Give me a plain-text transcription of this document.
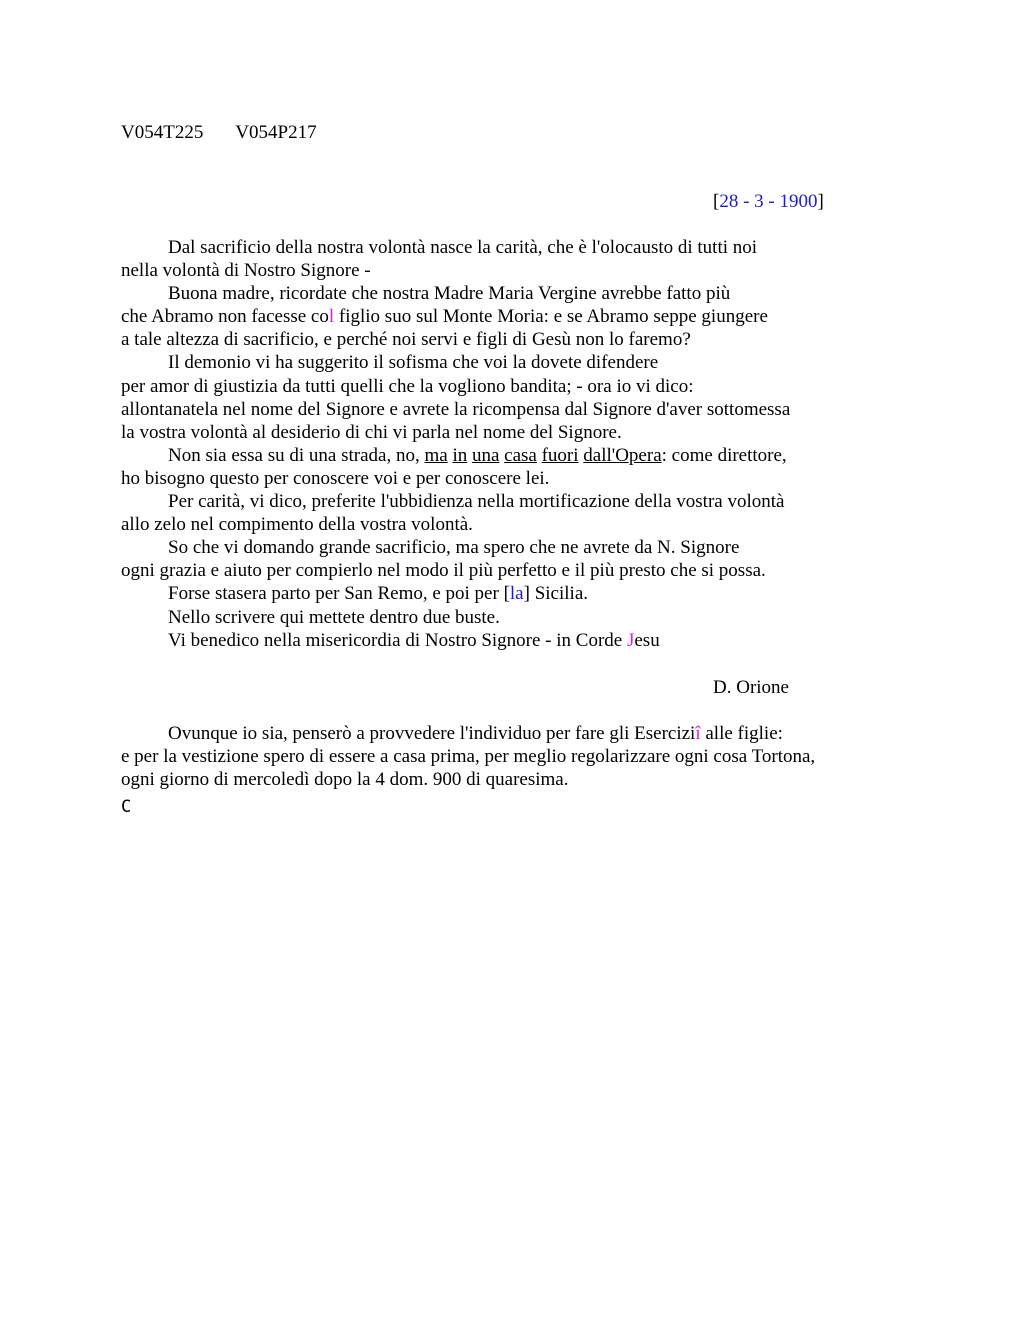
V054T225 V054P217
[28 - 3 - 1900]
Dal sacrificio della nostra volontà nasce la carità, che è l'olocausto di tutti noi
nella volontà di Nostro Signore -
Buona madre, ricordate che nostra Madre Maria Vergine avrebbe fatto più
che Abramo non facesse col figlio suo sul Monte Moria: e se Abramo seppe giungere
a tale altezza di sacrificio, e perché noi servi e figli di Gesù non lo faremo?
Il demonio vi ha suggerito il sofisma che voi la dovete difendere
per amor di giustizia da tutti quelli che la vogliono bandita; - ora io vi dico:
allontanatela nel nome del Signore e avrete la ricompensa dal Signore d'aver sottomessa
la vostra volontà al desiderio di chi vi parla nel nome del Signore.
Non sia essa su di una strada, no, ma in una casa fuori dall'Opera: come direttore,
ho bisogno questo per conoscere voi e per conoscere lei.
Per carità, vi dico, preferite l'ubbidienza nella mortificazione della vostra volontà
allo zelo nel compimento della vostra volontà.
So che vi domando grande sacrificio, ma spero che ne avrete da N. Signore
ogni grazia e aiuto per compierlo nel modo il più perfetto e il più presto che si possa.
Forse stasera parto per San Remo, e poi per [la] Sicilia.
Nello scrivere qui mettete dentro due buste.
Vi benedico nella misericordia di Nostro Signore - in Corde Jesu
D. Orione
Ovunque io sia, penserò a provvedere l'individuo per fare gli Eserciziî alle figlie:
e per la vestizione spero di essere a casa prima, per meglio regolarizzare ogni cosa Tortona,
ogni giorno di mercoledì dopo la 4 dom. 900 di quaresima.
C
